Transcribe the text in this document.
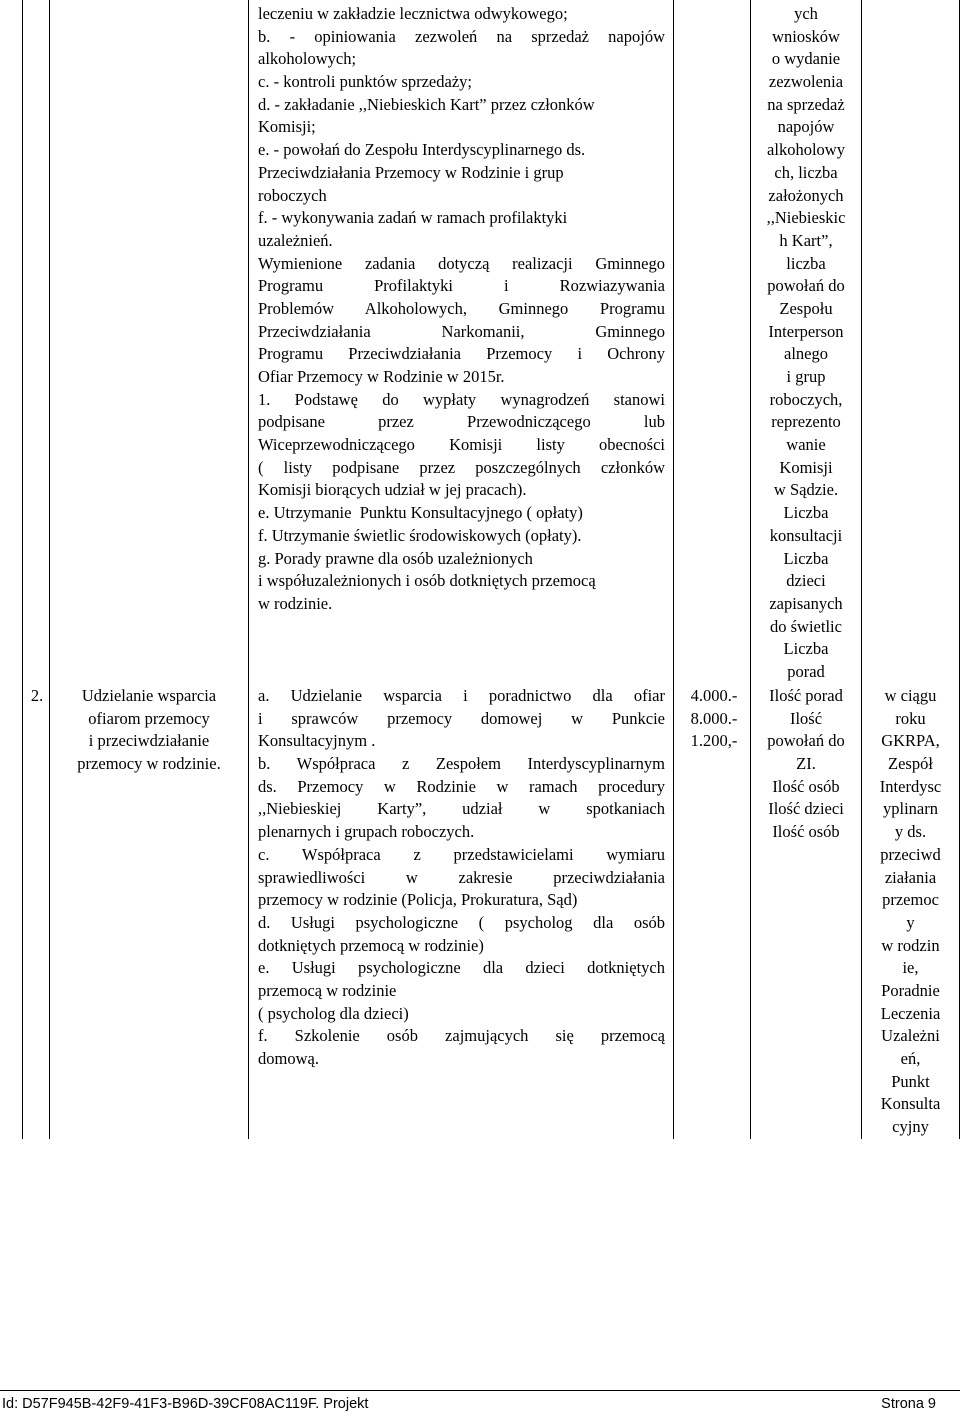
2.	Udzielanie wsparcia
ofiarom przemocy
i przeciwdziałanie
przemocy w rodzinie.
leczeniu w zakładzie lecznictwa odwykowego;
b. - opiniowania zezwoleń na sprzedaż napojów
alkoholowych;
c. - kontroli punktów sprzedaży;
d. - zakładanie ,,Niebieskich Kart” przez członków
Komisji;
e. - powołań do Zespołu Interdyscyplinarnego ds.
Przeciwdziałania Przemocy w Rodzinie i grup
roboczych
f. - wykonywania zadań w ramach profilaktyki
uzależnień.
Wymienione zadania dotyczą realizacji Gminnego
Programu Profilaktyki i Rozwiazywania
Problemów Alkoholowych, Gminnego Programu
Przeciwdziałania Narkomanii, Gminnego
Programu Przeciwdziałania Przemocy i Ochrony
Ofiar Przemocy w Rodzinie w 2015r.
1. Podstawę do wypłaty wynagrodzeń stanowi
podpisane przez Przewodniczącego lub
Wiceprzewodniczącego Komisji listy obecności
( listy podpisane przez poszczególnych członków
Komisji biorących udział w jej pracach).
e. Utrzymanie  Punktu Konsultacyjnego ( opłaty)
f. Utrzymanie świetlic środowiskowych (opłaty).
g. Porady prawne dla osób uzależnionych
i współuzależnionych i osób dotkniętych przemocą
w rodzinie.
a. Udzielanie wsparcia i poradnictwo dla ofiar
i sprawców przemocy domowej w Punkcie
Konsultacyjnym .
b. Współpraca z Zespołem Interdyscyplinarnym
ds. Przemocy w Rodzinie w ramach procedury
,,Niebieskiej Karty”, udział w spotkaniach
plenarnych i grupach roboczych.
c. Współpraca z przedstawicielami wymiaru
sprawiedliwości w zakresie przeciwdziałania
przemocy w rodzinie (Policja, Prokuratura, Sąd)
d. Usługi psychologiczne ( psycholog dla osób
dotkniętych przemocą w rodzinie)
e. Usługi psychologiczne dla dzieci dotkniętych
przemocą w rodzinie
( psycholog dla dzieci)
f. Szkolenie osób zajmujących się przemocą
domową.
4.000.-
8.000.-
1.200,-
ych
wniosków
o wydanie
zezwolenia
na sprzedaż
napojów
alkoholowy
ch, liczba
założonych
,,Niebieskic
h Kart”,
liczba
powołań do
Zespołu
Interperson
alnego
i grup
roboczych,
reprezento
wanie
Komisji
w Sądzie.
Liczba
konsultacji
Liczba
dzieci
zapisanych
do świetlic
Liczba
porad
Ilość porad
Ilość
powołań do
ZI.
Ilość osób
Ilość dzieci
Ilość osób
w ciągu
roku
GKRPA,
Zespół
Interdysc
yplinarn
y ds.
przeciwd
ziałania
przemoc
y
w rodzin
ie,
Poradnie
Leczenia
Uzależni
eń,
Punkt
Konsulta
cyjny
Id: D57F945B-42F9-41F3-B96D-39CF08AC119F. Projekt	Strona 9
